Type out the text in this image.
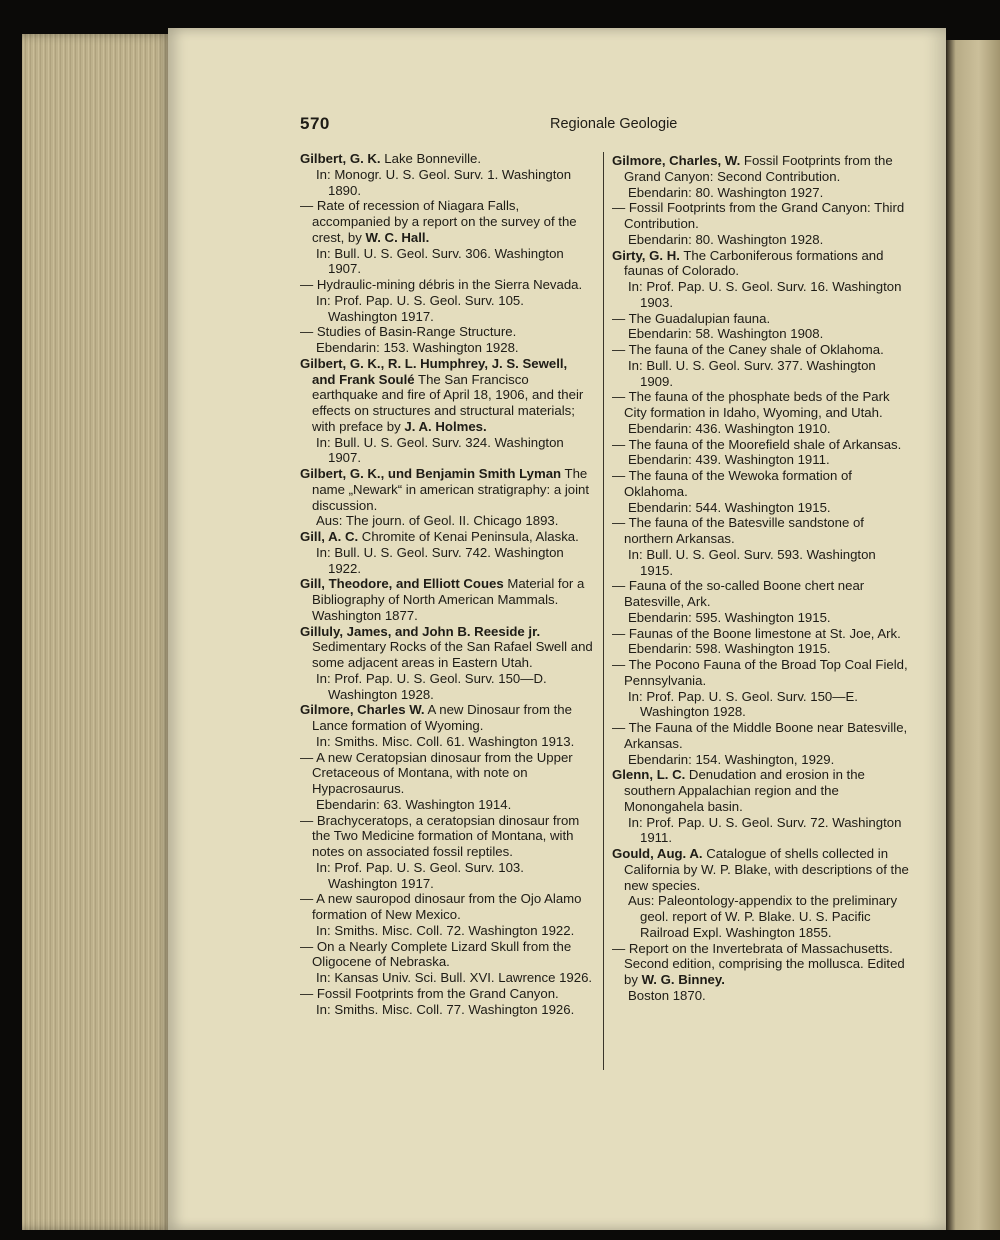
570	Regionale Geologie
Gilbert, G. K. Lake Bonneville.
In: Monogr. U. S. Geol. Surv. 1. Washington 1890.
— Rate of recession of Niagara Falls, accompanied by a report on the survey of the crest, by W. C. Hall.
In: Bull. U. S. Geol. Surv. 306. Washington 1907.
— Hydraulic-mining débris in the Sierra Nevada.
In: Prof. Pap. U. S. Geol. Surv. 105. Washington 1917.
— Studies of Basin-Range Structure.
Ebendarin: 153. Washington 1928.
Gilbert, G. K., R. L. Humphrey, J. S. Sewell, and Frank Soulé The San Francisco earthquake and fire of April 18, 1906, and their effects on structures and structural materials; with preface by J. A. Holmes.
In: Bull. U. S. Geol. Surv. 324. Washington 1907.
Gilbert, G. K., und Benjamin Smith Lyman The name „Newark“ in american stratigraphy: a joint discussion.
Aus: The journ. of Geol. II. Chicago 1893.
Gill, A. C. Chromite of Kenai Peninsula, Alaska.
In: Bull. U. S. Geol. Surv. 742. Washington 1922.
Gill, Theodore, and Elliott Coues Material for a Bibliography of North American Mammals. Washington 1877.
Gilluly, James, and John B. Reeside jr. Sedimentary Rocks of the San Rafael Swell and some adjacent areas in Eastern Utah.
In: Prof. Pap. U. S. Geol. Surv. 150—D. Washington 1928.
Gilmore, Charles W. A new Dinosaur from the Lance formation of Wyoming.
In: Smiths. Misc. Coll. 61. Washington 1913.
— A new Ceratopsian dinosaur from the Upper Cretaceous of Montana, with note on Hypacrosaurus.
Ebendarin: 63. Washington 1914.
— Brachyceratops, a ceratopsian dinosaur from the Two Medicine formation of Montana, with notes on associated fossil reptiles.
In: Prof. Pap. U. S. Geol. Surv. 103. Washington 1917.
— A new sauropod dinosaur from the Ojo Alamo formation of New Mexico.
In: Smiths. Misc. Coll. 72. Washington 1922.
— On a Nearly Complete Lizard Skull from the Oligocene of Nebraska.
In: Kansas Univ. Sci. Bull. XVI. Lawrence 1926.
— Fossil Footprints from the Grand Canyon.
In: Smiths. Misc. Coll. 77. Washington 1926.
Gilmore, Charles, W. Fossil Footprints from the Grand Canyon: Second Contribution.
Ebendarin: 80. Washington 1927.
— Fossil Footprints from the Grand Canyon: Third Contribution.
Ebendarin: 80. Washington 1928.
Girty, G. H. The Carboniferous formations and faunas of Colorado.
In: Prof. Pap. U. S. Geol. Surv. 16. Washington 1903.
— The Guadalupian fauna.
Ebendarin: 58. Washington 1908.
— The fauna of the Caney shale of Oklahoma.
In: Bull. U. S. Geol. Surv. 377. Washington 1909.
— The fauna of the phosphate beds of the Park City formation in Idaho, Wyoming, and Utah.
Ebendarin: 436. Washington 1910.
— The fauna of the Moorefield shale of Arkansas.
Ebendarin: 439. Washington 1911.
— The fauna of the Wewoka formation of Oklahoma.
Ebendarin: 544. Washington 1915.
— The fauna of the Batesville sandstone of northern Arkansas.
In: Bull. U. S. Geol. Surv. 593. Washington 1915.
— Fauna of the so-called Boone chert near Batesville, Ark.
Ebendarin: 595. Washington 1915.
— Faunas of the Boone limestone at St. Joe, Ark.
Ebendarin: 598. Washington 1915.
— The Pocono Fauna of the Broad Top Coal Field, Pennsylvania.
In: Prof. Pap. U. S. Geol. Surv. 150—E. Washington 1928.
— The Fauna of the Middle Boone near Batesville, Arkansas.
Ebendarin: 154. Washington, 1929.
Glenn, L. C. Denudation and erosion in the southern Appalachian region and the Monongahela basin.
In: Prof. Pap. U. S. Geol. Surv. 72. Washington 1911.
Gould, Aug. A. Catalogue of shells collected in California by W. P. Blake, with descriptions of the new species.
Aus: Paleontology-appendix to the preliminary geol. report of W. P. Blake. U. S. Pacific Railroad Expl. Washington 1855.
— Report on the Invertebrata of Massachusetts. Second edition, comprising the mollusca. Edited by W. G. Binney.
Boston 1870.
